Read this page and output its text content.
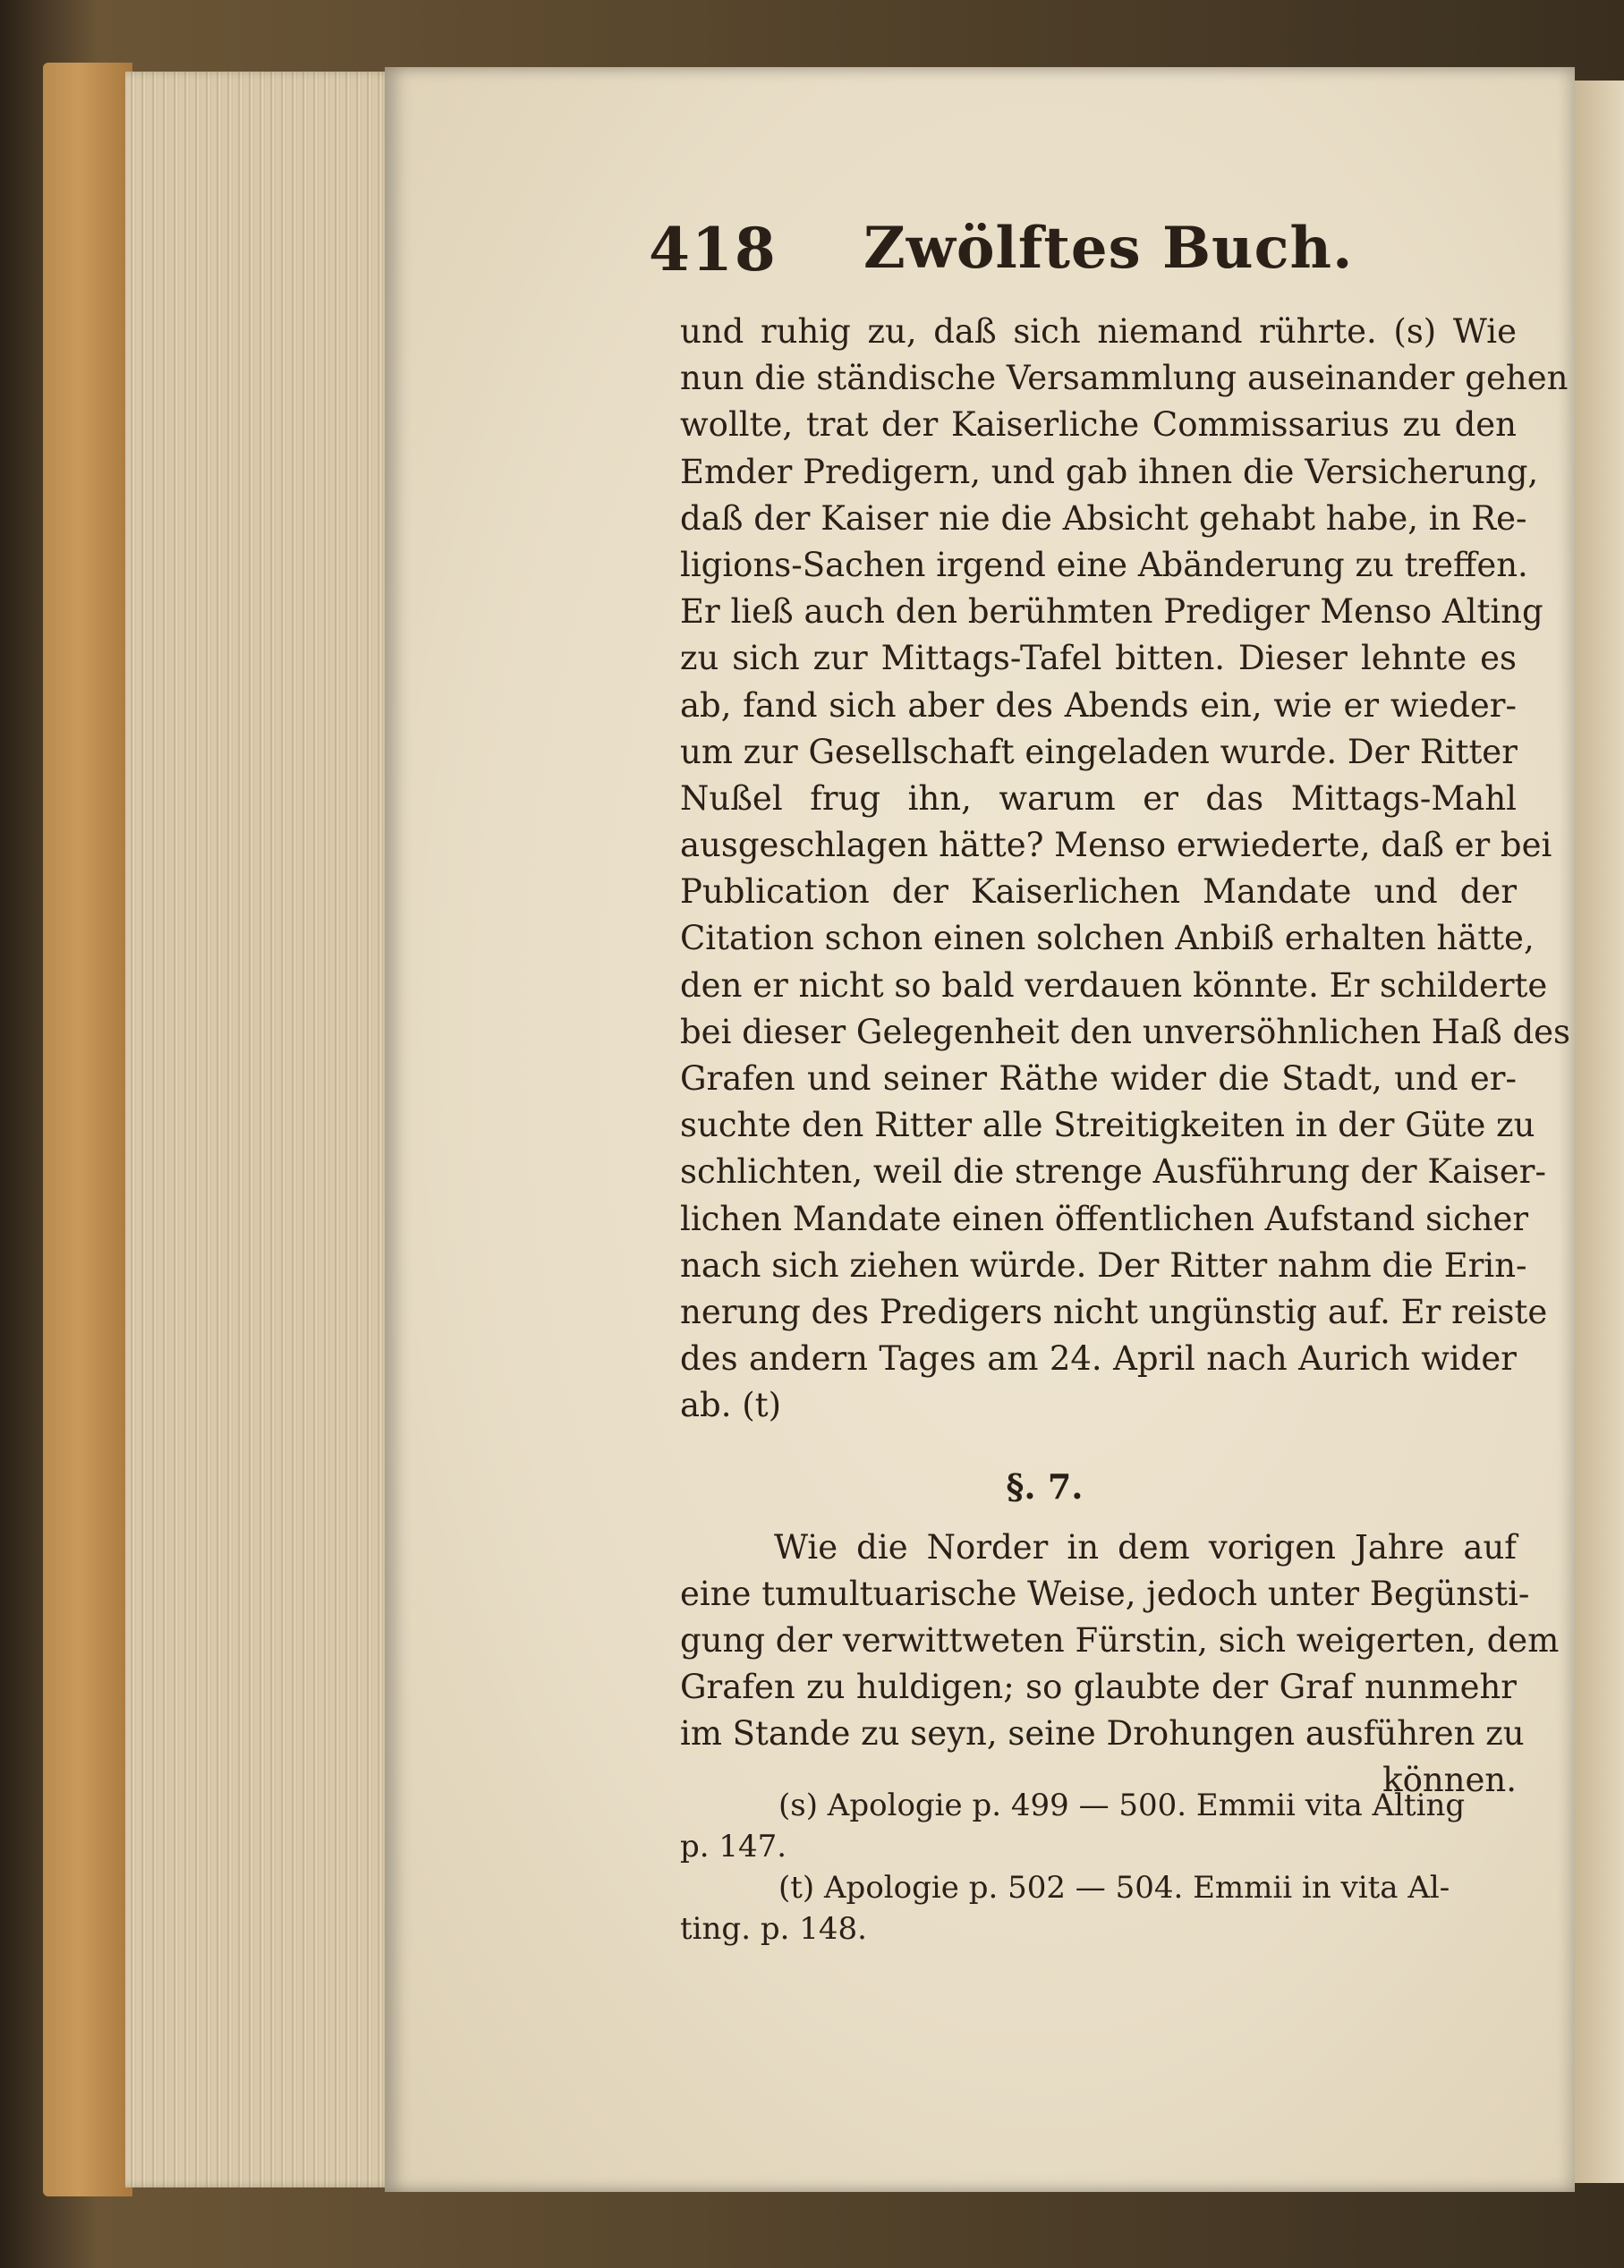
418 Zwölftes Buch.
und ruhig zu, daß sich niemand rührte. (s) Wie
nun die ständische Versammlung auseinander gehen
wollte, trat der Kaiserliche Commissarius zu den
Emder Predigern, und gab ihnen die Versicherung,
daß der Kaiser nie die Absicht gehabt habe, in Re-
ligions-Sachen irgend eine Abänderung zu treffen.
Er ließ auch den berühmten Prediger Menso Alting
zu sich zur Mittags-Tafel bitten. Dieser lehnte es
ab, fand sich aber des Abends ein, wie er wieder-
um zur Gesellschaft eingeladen wurde. Der Ritter
Nußel frug ihn, warum er das Mittags-Mahl
ausgeschlagen hätte? Menso erwiederte, daß er bei
Publication der Kaiserlichen Mandate und der
Citation schon einen solchen Anbiß erhalten hätte,
den er nicht so bald verdauen könnte. Er schilderte
bei dieser Gelegenheit den unversöhnlichen Haß des
Grafen und seiner Räthe wider die Stadt, und er-
suchte den Ritter alle Streitigkeiten in der Güte zu
schlichten, weil die strenge Ausführung der Kaiser-
lichen Mandate einen öffentlichen Aufstand sicher
nach sich ziehen würde. Der Ritter nahm die Erin-
nerung des Predigers nicht ungünstig auf. Er reiste
des andern Tages am 24. April nach Aurich wider
ab. (t)
§. 7.
Wie die Norder in dem vorigen Jahre auf
eine tumultuarische Weise, jedoch unter Begünsti-
gung der verwittweten Fürstin, sich weigerten, dem
Grafen zu huldigen; so glaubte der Graf nunmehr
im Stande zu seyn, seine Drohungen ausführen zu
können.
(s) Apologie p. 499 — 500. Emmii vita Alting
p. 147.
(t) Apologie p. 502 — 504. Emmii in vita Al-
ting. p. 148.
